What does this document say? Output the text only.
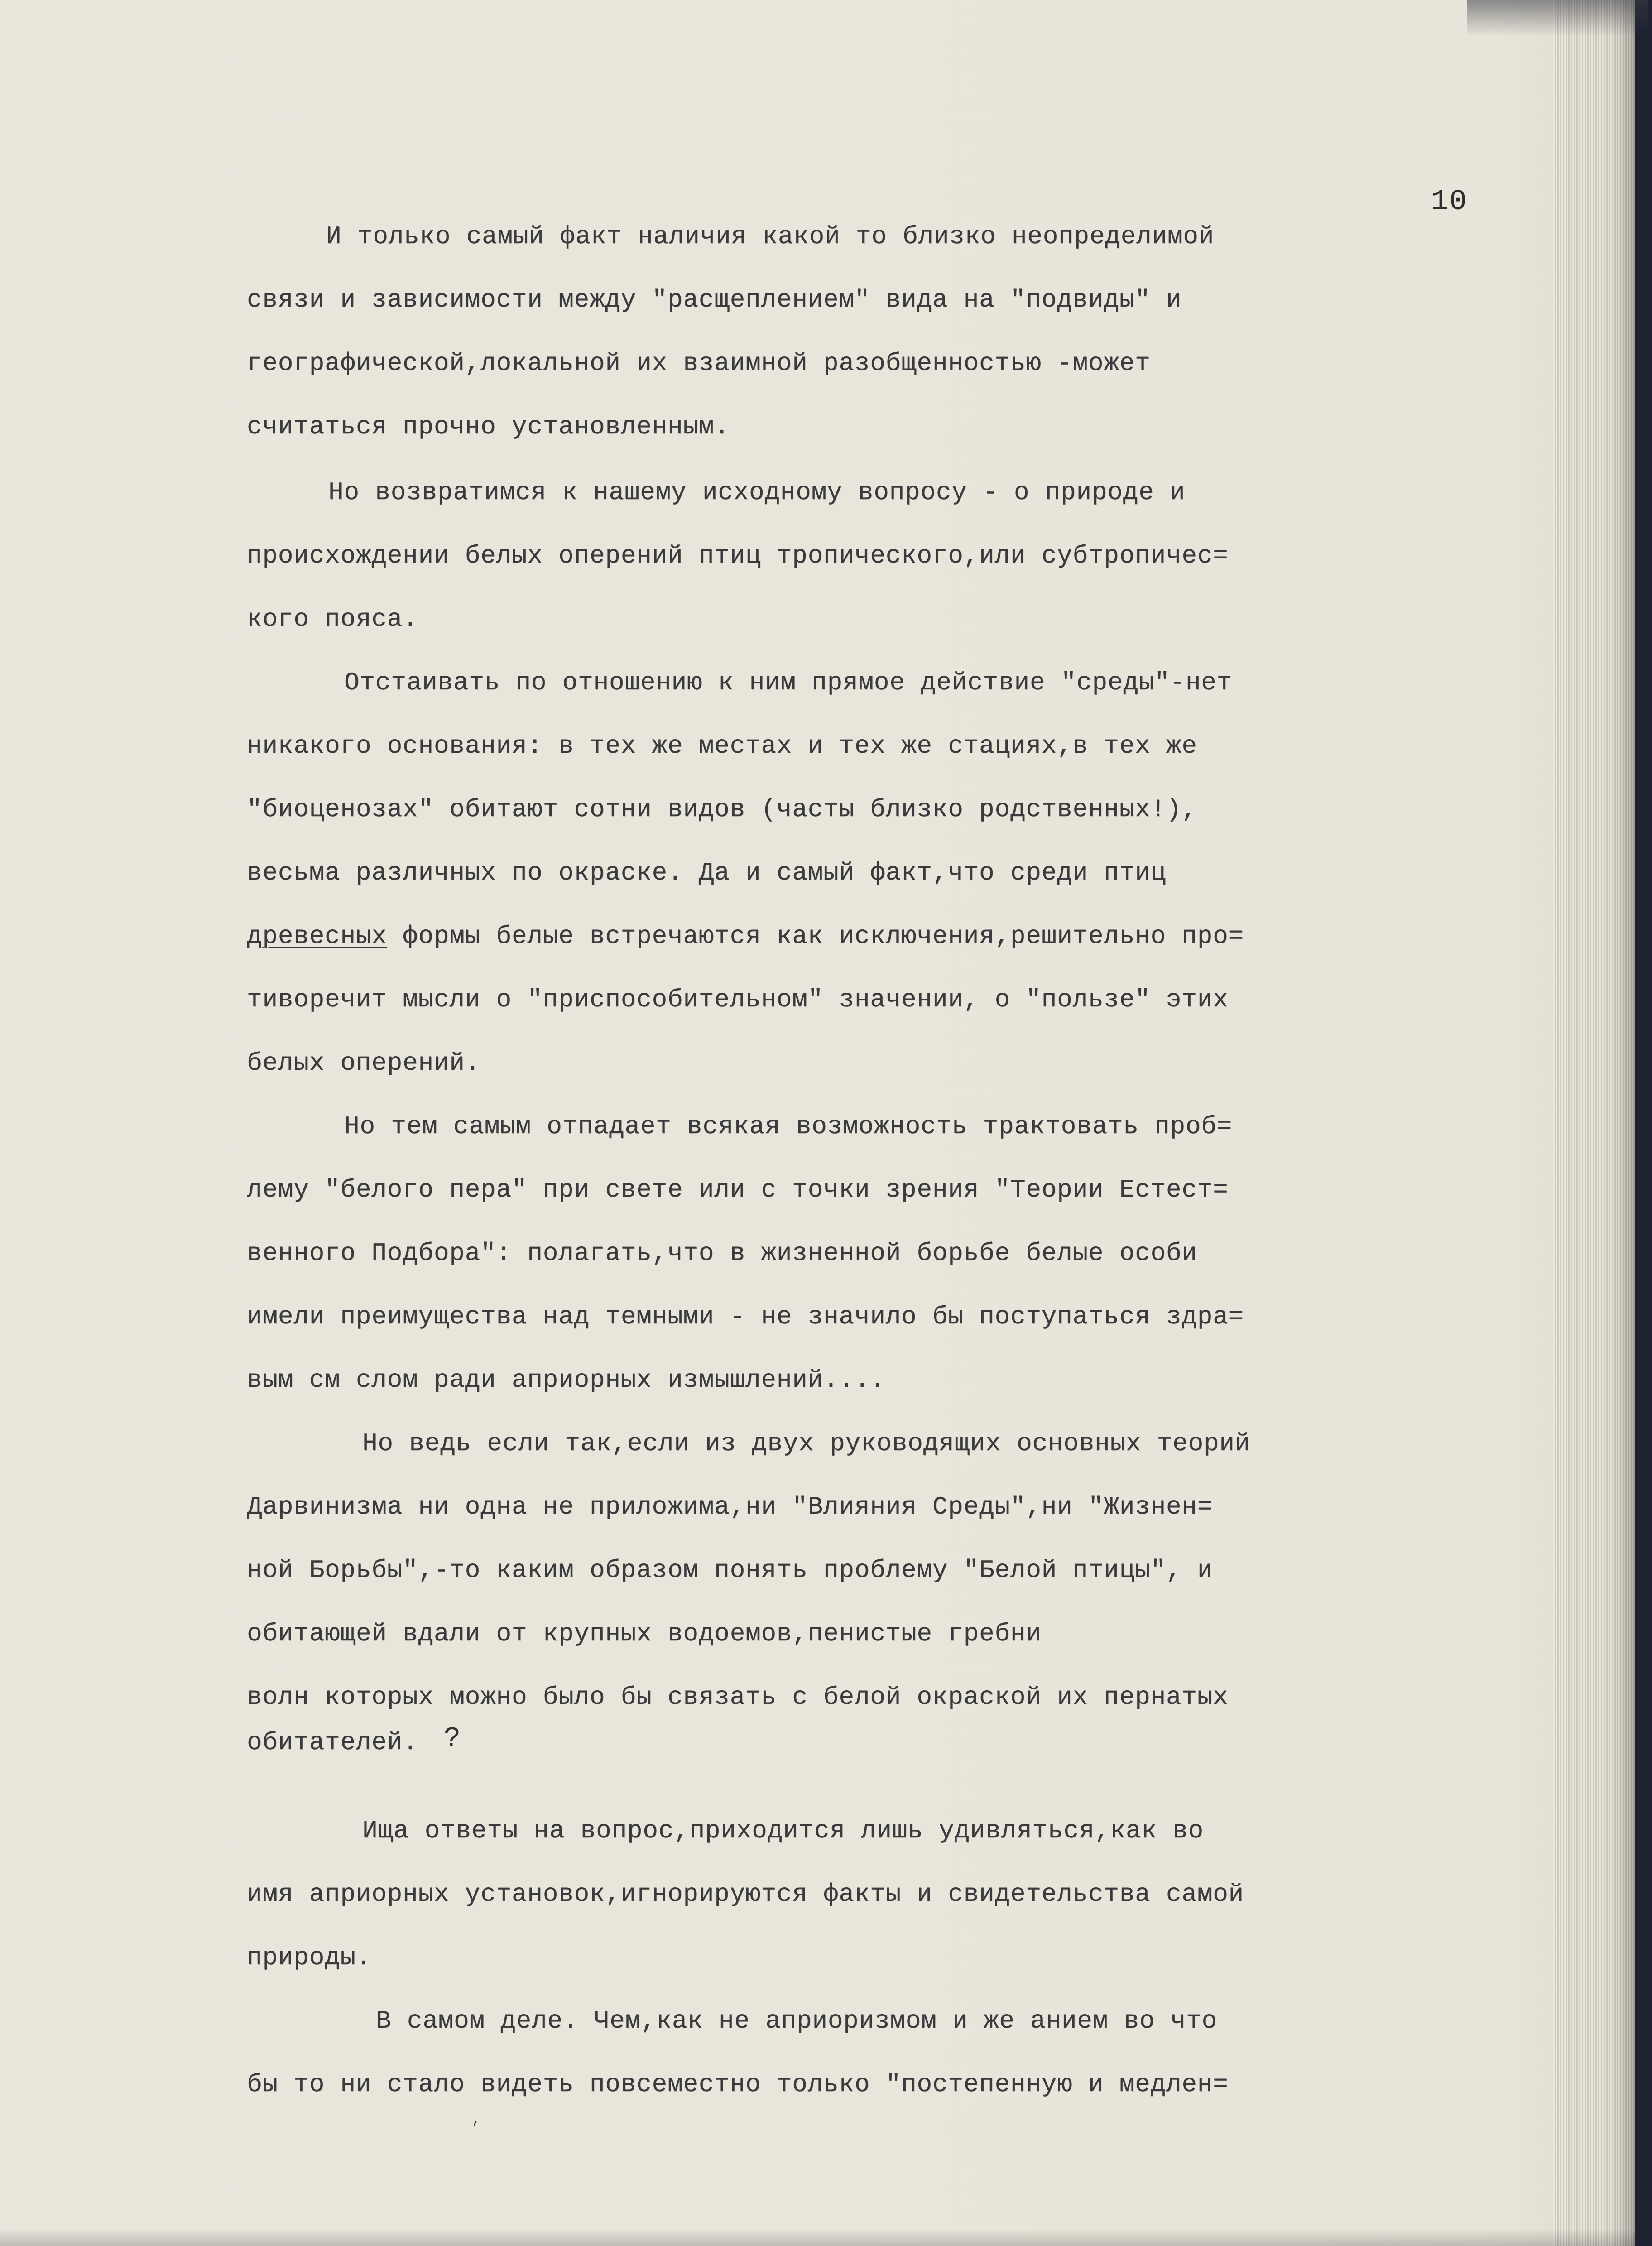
10
И только самый факт наличия какой то близко неопределимой
связи и зависимости между "расщеплением" вида на "подвиды" и
географической,локальной их взаимной разобщенностью -может
считаться прочно установленным.
Но возвратимся к нашему исходному вопросу - о природе и
происхождении белых оперений птиц тропического,или субтропичес=
кого пояса.
Отстаивать по отношению к ним прямое действие "среды"-нет
никакого основания: в тех же местах и тех же стациях,в тех же
"биоценозах" обитают сотни видов (часты близко родственных!),
весьма различных по окраске. Да и самый факт,что среди птиц
древесных формы белые встречаются как исключения,решительно про=
тиворечит мысли о "приспособительном" значении, о "пользе" этих
белых оперений.
Но тем самым отпадает всякая возможность трактовать проб=
лему "белого пера" при свете или с точки зрения "Теории Естест=
венного Подбора": полагать,что в жизненной борьбе белые особи
имели преимущества над темными - не значило бы поступаться здра=
вым см слом ради априорных измышлений....
Но ведь если так,если из двух руководящих основных теорий
Дарвинизма ни одна не приложима,ни "Влияния Среды",ни "Жизнен=
ной Борьбы",-то каким образом понять проблему "Белой птицы", и
обитающей вдали от крупных водоемов,пенистые гребни
волн которых можно было бы связать с белой окраской их пернатых
обитателей. ?
Ища ответы на вопрос,приходится лишь удивляться,как во
имя априорных установок,игнорируются факты и свидетельства самой
природы.
В самом деле. Чем,как не априоризмом и же анием во что
бы то ни стало видеть повсеместно только "постепенную и медлен=
,
